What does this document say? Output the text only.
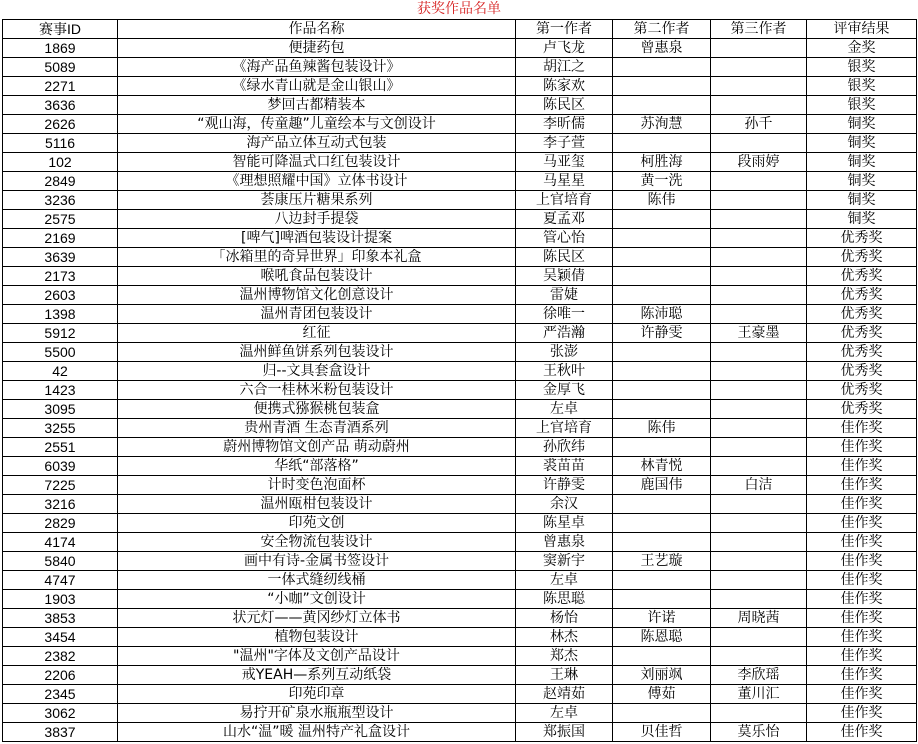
获奖作品名单
赛事ID	作品名称	第一作者	第二作者	第三作者	评审结果
1869	便捷药包	卢飞龙	曾惠泉		金奖
5089	《海产品鱼辣酱包装设计》	胡江之			银奖
2271	《绿水青山就是金山银山》	陈家欢			银奖
3636	梦回古都精装本	陈民区			银奖
2626	“观山海，传童趣”儿童绘本与文创设计	李昕儒	苏洵慧	孙千	铜奖
5116	海产品立体互动式包装	李子萱			铜奖
102	智能可降温式口红包装设计	马亚玺	柯胜海	段雨婷	铜奖
2849	《理想照耀中国》立体书设计	马星星	黄一洗		铜奖
3236	荟康压片糖果系列	上官培育	陈伟		铜奖
2575	八边封手提袋	夏孟邓			铜奖
2169	[啤气]啤酒包装设计提案	管心怡			优秀奖
3639	「冰箱里的奇异世界」印象本礼盒	陈民区			优秀奖
2173	喉吼食品包装设计	吴颖倩			优秀奖
2603	温州博物馆文化创意设计	雷婕			优秀奖
1398	温州青团包装设计	徐唯一	陈沛聪		优秀奖
5912	红征	严浩瀚	许静雯	王豪墨	优秀奖
5500	温州鲜鱼饼系列包装设计	张澎			优秀奖
42	归--文具套盒设计	王秋叶			优秀奖
1423	六合一桂林米粉包装设计	金厚飞			优秀奖
3095	便携式猕猴桃包装盒	左卓			优秀奖
3255	贵州青酒 生态青酒系列	上官培育	陈伟		佳作奖
2551	蔚州博物馆文创产品 萌动蔚州	孙欣纬			佳作奖
6039	华纸“部落格”	裘苗苗	林青悦		佳作奖
7225	计时变色泡面杯	许静雯	鹿国伟	白洁	佳作奖
3216	温州瓯柑包装设计	余汉			佳作奖
2829	印苑文创	陈星卓			佳作奖
4174	安全物流包装设计	曾惠泉			佳作奖
5840	画中有诗-金属书签设计	窦新宇	王艺璇		佳作奖
4747	一体式缝纫线桶	左卓			佳作奖
1903	“小咖”文创设计	陈思聪			佳作奖
3853	状元灯——黄冈纱灯立体书	杨怡	许诺	周晓茜	佳作奖
3454	植物包装设计	林杰	陈恩聪		佳作奖
2382	"温州"字体及文创产品设计	郑杰			佳作奖
2206	戒YEAH—系列互动纸袋	王琳	刘丽飒	李欣瑶	佳作奖
2345	印苑印章	赵靖茹	傅茹	董川汇	佳作奖
3062	易拧开矿泉水瓶瓶型设计	左卓			佳作奖
3837	山水“温”暖 温州特产礼盒设计	郑振国	贝佳哲	莫乐怡	佳作奖
